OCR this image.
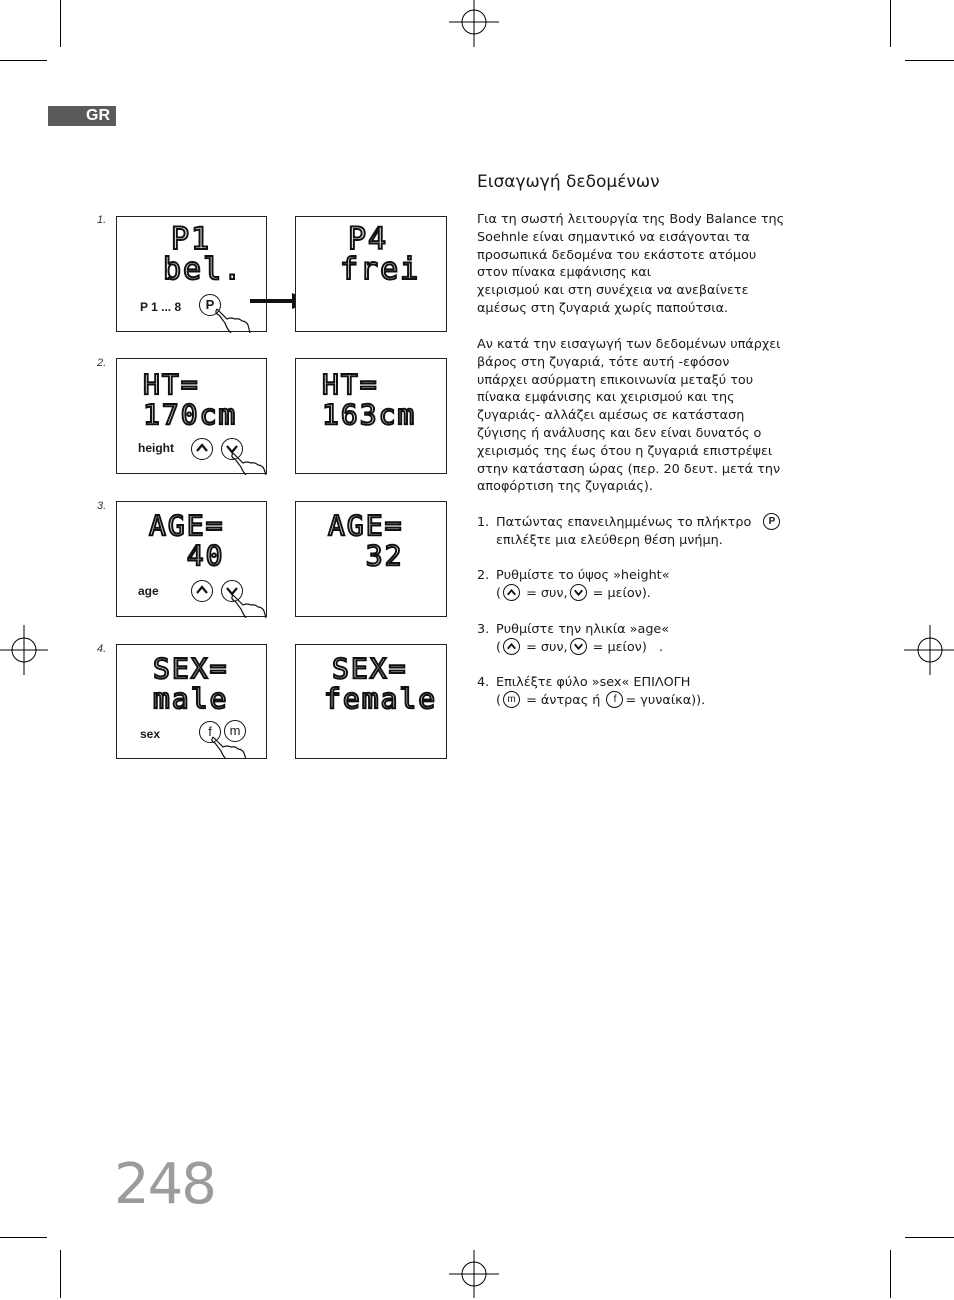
GR
1.
P1
bel.
P 1 ... 8	P
P4
frei
2.
HT=
170cm
height
HT=
163cm
3.
AGE=
40
age
AGE=
32
4.
SEX=
male
sex	f	m
SEX=
female
Εισαγωγή δεδομένων
Για τη σωστή λειτουργία της Body Balance της
Soehnle είναι σημαντικό να εισάγονται τα
προσωπικά δεδομένα του εκάστοτε ατόμου
στον πίνακα εμφάνισης και
χειρισμού και στη συνέχεια να ανεβαίνετε
αμέσως στη ζυγαριά χωρίς παπούτσια.
Αν κατά την εισαγωγή των δεδομένων υπάρχει
βάρος στη ζυγαριά, τότε αυτή -εφόσον
υπάρχει ασύρματη επικοινωνία μεταξύ του
πίνακα εμφάνισης και χειρισμού και της
ζυγαριάς- αλλάζει αμέσως σε κατάσταση
ζύγισης ή ανάλυσης και δεν είναι δυνατός ο
χειρισμός της έως ότου η ζυγαριά επιστρέψει
στην κατάσταση ώρας (περ. 20 δευτ. μετά την
αποφόρτιση της ζυγαριάς).
1. Πατώντας επανειλημμένως το πλήκτρο P
επιλέξτε μια ελεύθερη θέση μνήμη.
2. Ρυθμίστε το ύψος »height«
( = συν, = μείον).
3. Ρυθμίστε την ηλικία »age«
( = συν, = μείον)   .
4. Επιλέξτε φύλο »sex« ΕΠΙΛΟΓΗ
( m = άντρας ή f = γυναίκα)).
248
